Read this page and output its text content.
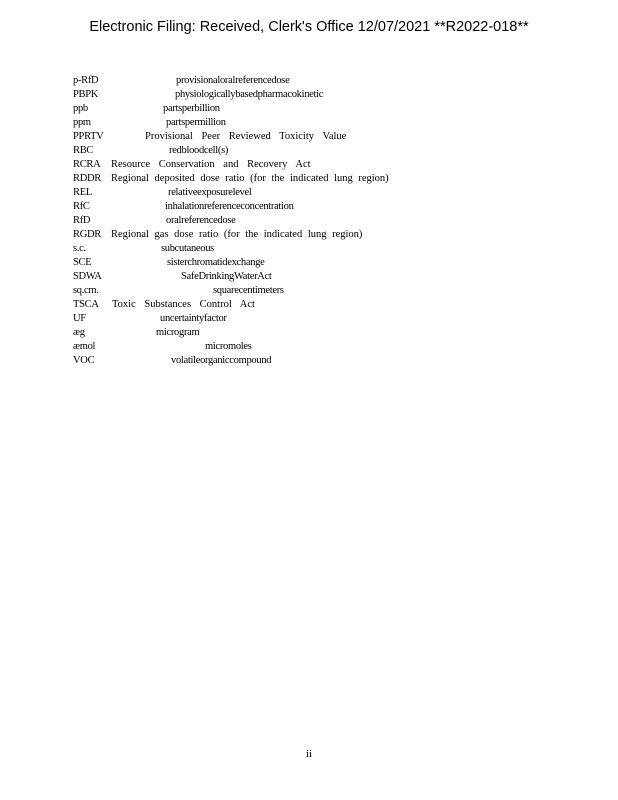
Electronic Filing: Received, Clerk's Office 12/07/2021 **R2022-018**
p-RfD	provisionaloralreferencedose
PBPK	physiologicallybasedpharmacokinetic
ppb	partsperbillion
ppm	partspermillion
PPRTV	Provisional Peer Reviewed Toxicity Value
RBC	redbloodcell(s)
RCRA Resource Conservation and Recovery Act
RDDR Regional deposited dose ratio (for the indicated lung region)
REL	relativeexposurelevel
RfC	inhalationreferenceconcentration
RfD	oralreferencedose
RGDR Regional gas dose ratio (for the indicated lung region)
s.c.	subcutaneous
SCE	sisterchromatidexchange
SDWA	SafeDrinkingWaterAct
sq.cm.	squarecentimeters
TSCA Toxic Substances Control Act
UF	uncertaintyfactor
æg	microgram
æmol	micromoles
VOC	volatileorganiccompound
ii
